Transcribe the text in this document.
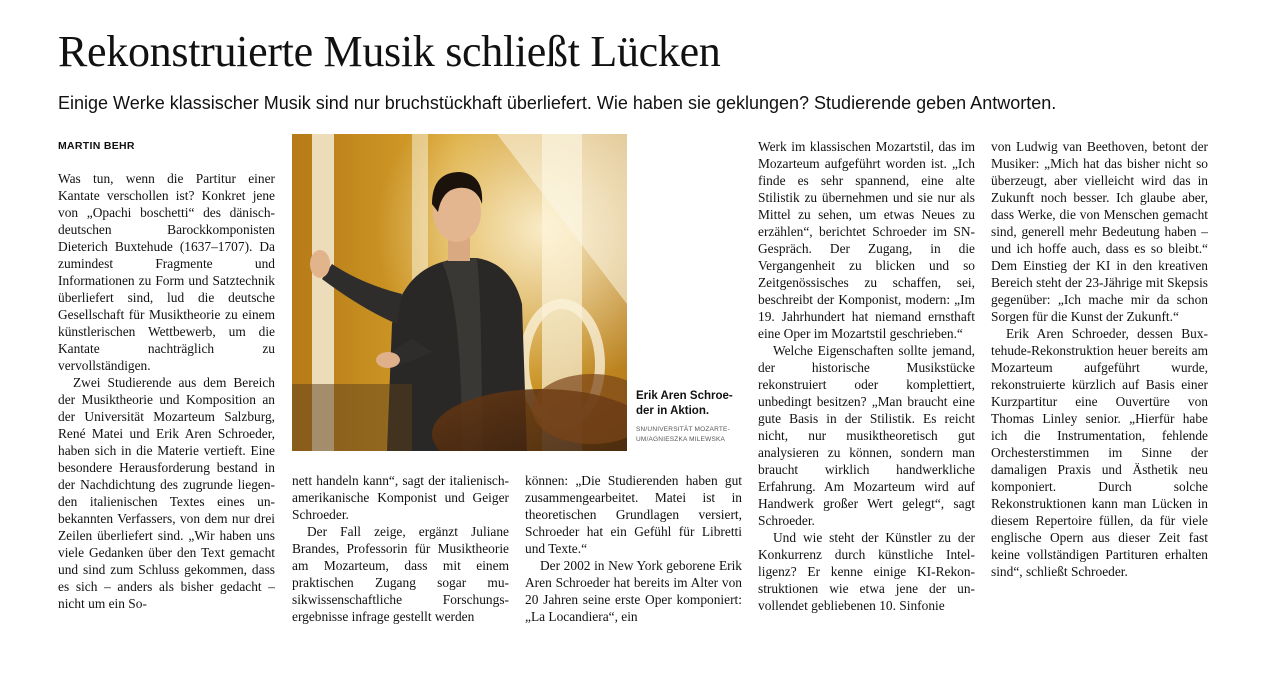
Rekonstruierte Musik schließt Lücken

Einige Werke klassischer Musik sind nur bruchstückhaft überliefert. Wie haben sie geklungen? Studierende geben Antworten.

MARTIN BEHR

Was tun, wenn die Partitur einer Kantate verschollen ist? Konkret jene von „Opachi boschetti“ des dänisch-deutschen Barockkomponisten Dieterich Buxtehude (1637–1707). Da zumindest Fragmente und Informationen zu Form und Satztechnik überliefert sind, lud die deutsche Gesellschaft für Musiktheorie zu einem künstlerischen Wettbewerb, um die Kantate nachträglich zu vervollständigen.

Zwei Studierende aus dem Bereich der Musiktheorie und Komposition an der Universität Mozarteum Salzburg, René Matei und Erik Aren Schroeder, haben sich in die Materie vertieft. Eine besondere Herausforderung bestand in der Nachdichtung des zugrunde liegenden italienischen Textes eines unbekannten Verfassers, von dem nur drei Zeilen überliefert sind. „Wir haben uns viele Gedanken über den Text gemacht und sind zum Schluss gekommen, dass es sich – anders als bisher gedacht – nicht um ein So-

Erik Aren Schroeder in Aktion.

SN/UNIVERSITÄT MOZARTEUM/AGNIESZKA MILEWSKA

nett handeln kann“, sagt der italienisch-amerikanische Komponist und Geiger Schroeder.

Der Fall zeige, ergänzt Juliane Brandes, Professorin für Musiktheorie am Mozarteum, dass mit einem praktischen Zugang sogar musikwissenschaftliche Forschungsergebnisse infrage gestellt werden

können: „Die Studierenden haben gut zusammengearbeitet. Matei ist in theoretischen Grundlagen versiert, Schroeder hat ein Gefühl für Libretti und Texte.“

Der 2002 in New York geborene Erik Aren Schroeder hat bereits im Alter von 20 Jahren seine erste Oper komponiert: „La Locandiera“, ein

Werk im klassischen Mozartstil, das im Mozarteum aufgeführt worden ist. „Ich finde es sehr spannend, eine alte Stilistik zu übernehmen und sie nur als Mittel zu sehen, um etwas Neues zu erzählen“, berichtet Schroeder im SN-Gespräch. Der Zugang, in die Vergangenheit zu blicken und so Zeitgenössisches zu schaffen, sei, beschreibt der Komponist, modern: „Im 19. Jahrhundert hat niemand ernsthaft eine Oper im Mozartstil geschrieben.“

Welche Eigenschaften sollte jemand, der historische Musikstücke rekonstruiert oder komplettiert, unbedingt besitzen? „Man braucht eine gute Basis in der Stilistik. Es reicht nicht, nur musiktheoretisch gut analysieren zu können, sondern man braucht wirklich handwerkliche Erfahrung. Am Mozarteum wird auf Handwerk großer Wert gelegt“, sagt Schroeder.

Und wie steht der Künstler zu der Konkurrenz durch künstliche Intelligenz? Er kenne einige KI-Rekonstruktionen wie etwa jene der unvollendet gebliebenen 10. Sinfonie

von Ludwig van Beethoven, betont der Musiker: „Mich hat das bisher nicht so überzeugt, aber vielleicht wird das in Zukunft noch besser. Ich glaube aber, dass Werke, die von Menschen gemacht sind, generell mehr Bedeutung haben – und ich hoffe auch, dass es so bleibt.“ Dem Einstieg der KI in den kreativen Bereich steht der 23-Jährige mit Skepsis gegenüber: „Ich mache mir da schon Sorgen für die Kunst der Zukunft.“

Erik Aren Schroeder, dessen Buxtehude-Rekonstruktion heuer bereits am Mozarteum aufgeführt wurde, rekonstruierte kürzlich auf Basis einer Kurzpartitur eine Ouvertüre von Thomas Linley senior. „Hierfür habe ich die Instrumentation, fehlende Orchesterstimmen im Sinne der damaligen Praxis und Ästhetik neu komponiert. Durch solche Rekonstruktionen kann man Lücken in diesem Repertoire füllen, da für viele englische Opern aus dieser Zeit fast keine vollständigen Partituren erhalten sind“, schließt Schroeder.
